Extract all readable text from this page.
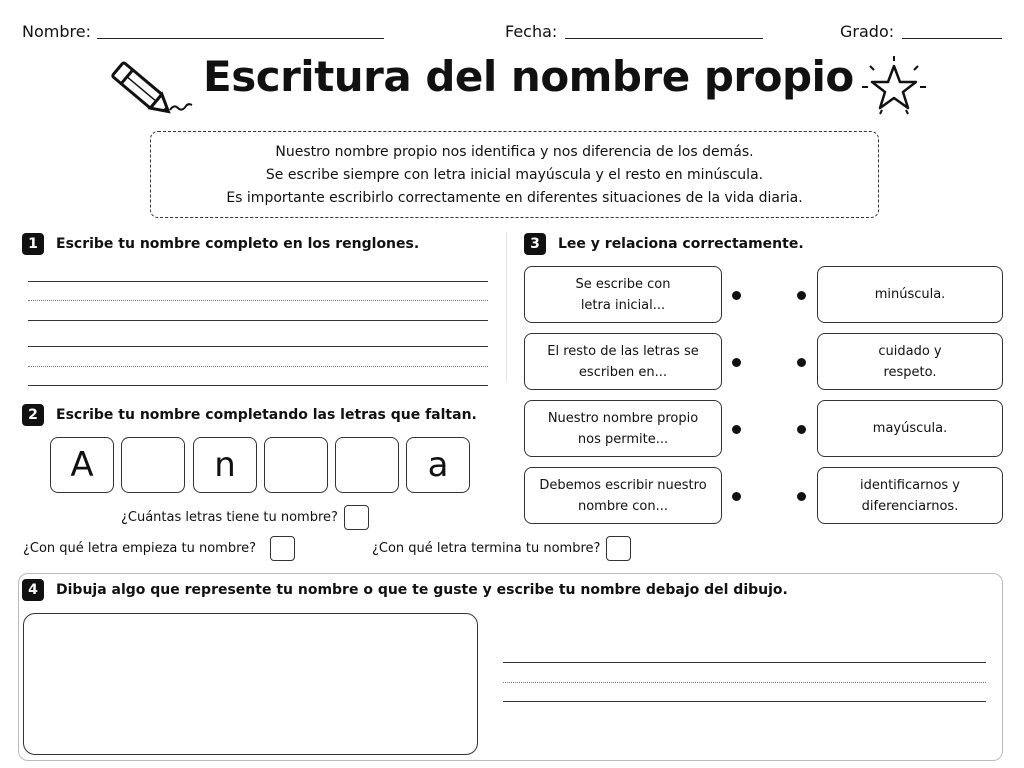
Nombre:	Fecha:	Grado:
Escritura del nombre propio
Nuestro nombre propio nos identifica y nos diferencia de los demás.
Se escribe siempre con letra inicial mayúscula y el resto en minúscula.
Es importante escribirlo correctamente en diferentes situaciones de la vida diaria.
1	Escribe tu nombre completo en los renglones.
2	Escribe tu nombre completando las letras que faltan.
A	n	a
¿Cuántas letras tiene tu nombre?
¿Con qué letra empieza tu nombre?	¿Con qué letra termina tu nombre?
3	Lee y relaciona correctamente.
Se escribe con
letra inicial...
El resto de las letras se
escriben en...
Nuestro nombre propio
nos permite...
Debemos escribir nuestro
nombre con...
minúscula.
cuidado y
respeto.
mayúscula.
identificarnos y
diferenciarnos.
4	Dibuja algo que represente tu nombre o que te guste y escribe tu nombre debajo del dibujo.
